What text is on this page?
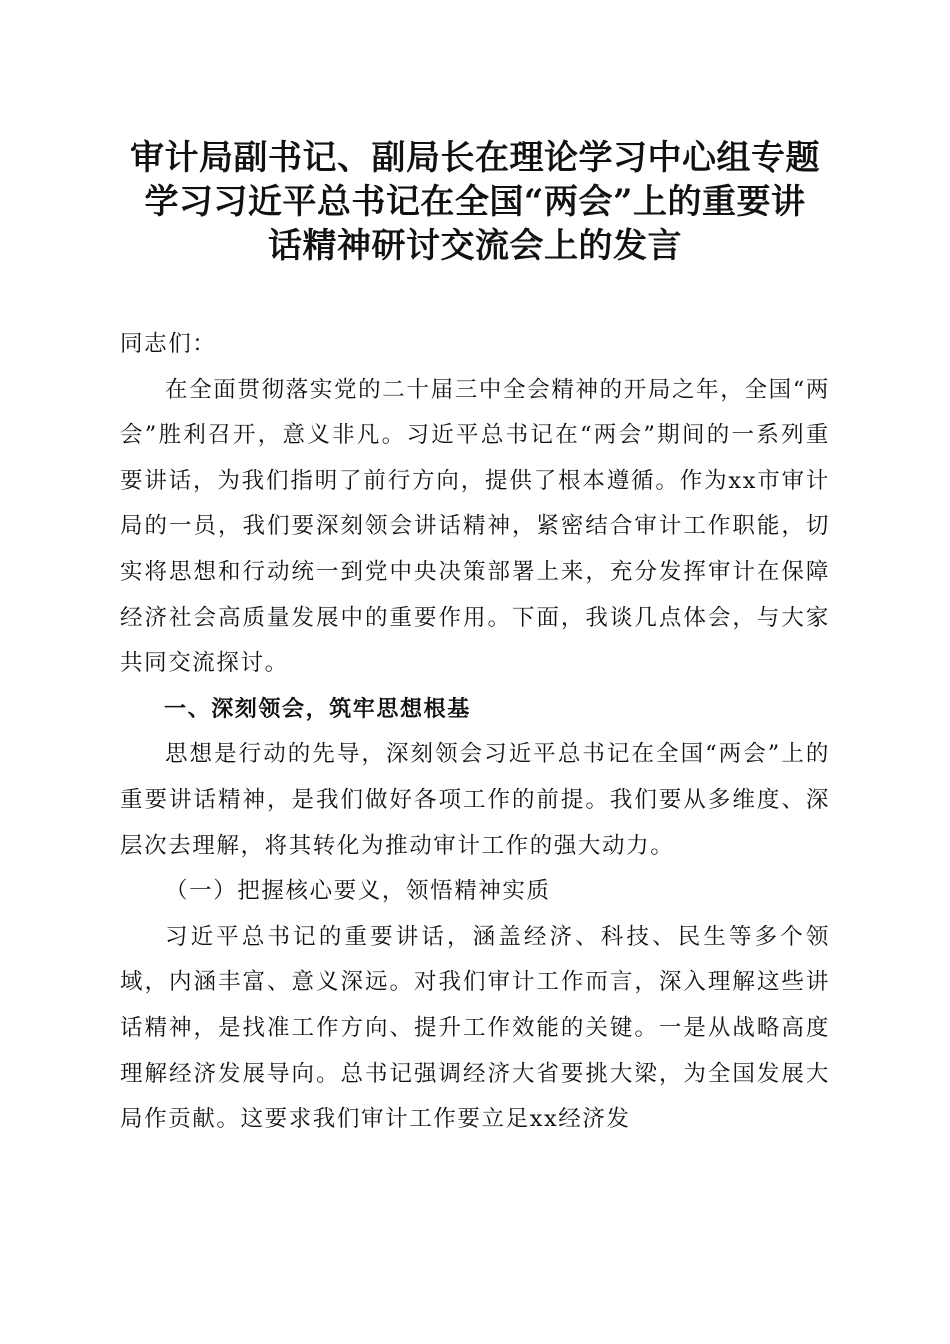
审计局副书记、副局长在理论学习中心组专题
学习习近平总书记在全国“两会”上的重要讲
话精神研讨交流会上的发言

同志们：

在全面贯彻落实党的二十届三中全会精神的开局之年，全国“两会”胜利召开，意义非凡。习近平总书记在“两会”期间的一系列重要讲话，为我们指明了前行方向，提供了根本遵循。作为xx市审计局的一员，我们要深刻领会讲话精神，紧密结合审计工作职能，切实将思想和行动统一到党中央决策部署上来，充分发挥审计在保障经济社会高质量发展中的重要作用。下面，我谈几点体会，与大家共同交流探讨。

一、深刻领会，筑牢思想根基

思想是行动的先导，深刻领会习近平总书记在全国“两会”上的重要讲话精神，是我们做好各项工作的前提。我们要从多维度、深层次去理解，将其转化为推动审计工作的强大动力。

（一）把握核心要义，领悟精神实质

习近平总书记的重要讲话，涵盖经济、科技、民生等多个领域，内涵丰富、意义深远。对我们审计工作而言，深入理解这些讲话精神，是找准工作方向、提升工作效能的关键。一是从战略高度理解经济发展导向。总书记强调经济大省要挑大梁，为全国发展大局作贡献。这要求我们审计工作要立足xx经济发
